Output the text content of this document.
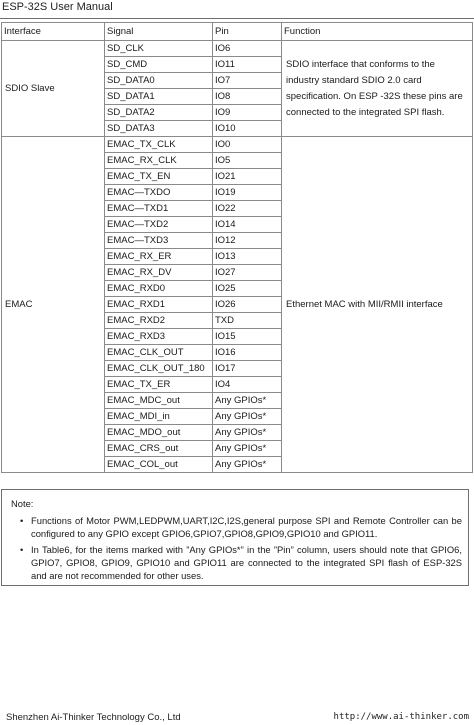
ESP-32S User Manual
Interface	Signal	Pin	Function
SDIO Slave	SD_CLK	IO6	SDIO interface that conforms to the industry standard SDIO 2.0 card specification. On ESP -32S these pins are connected to the integrated SPI flash.
	SD_CMD	IO11	
	SD_DATA0	IO7	
	SD_DATA1	IO8	
	SD_DATA2	IO9	
	SD_DATA3	IO10	
EMAC	EMAC_TX_CLK	IO0	Ethernet MAC with MII/RMII interface
	EMAC_RX_CLK	IO5	
	EMAC_TX_EN	IO21	
	EMAC—TXDO	IO19	
	EMAC—TXD1	IO22	
	EMAC—TXD2	IO14	
	EMAC—TXD3	IO12	
	EMAC_RX_ER	IO13	
	EMAC_RX_DV	IO27	
	EMAC_RXD0	IO25	
	EMAC_RXD1	IO26	
	EMAC_RXD2	TXD	
	EMAC_RXD3	IO15	
	EMAC_CLK_OUT	IO16	
	EMAC_CLK_OUT_180	IO17	
	EMAC_TX_ER	IO4	
	EMAC_MDC_out	Any GPIOs*	
	EMAC_MDI_in	Any GPIOs*	
	EMAC_MDO_out	Any GPIOs*	
	EMAC_CRS_out	Any GPIOs*	
	EMAC_COL_out	Any GPIOs*	
Note:
• Functions of Motor PWM,LEDPWM,UART,I2C,I2S,general purpose SPI and Remote Controller can be configured to any GPIO except GPIO6,GPIO7,GPIO8,GPIO9,GPIO10 and GPIO11.
• In Table6, for the items marked with ”Any GPIOs*” in the ”Pin” column, users should note that GPIO6, GPIO7, GPIO8, GPIO9, GPIO10 and GPIO11 are connected to the integrated SPI flash of ESP-32S and are not recommended for other uses.
Shenzhen Ai-Thinker Technology Co., Ltd	http://www.ai-thinker.com
